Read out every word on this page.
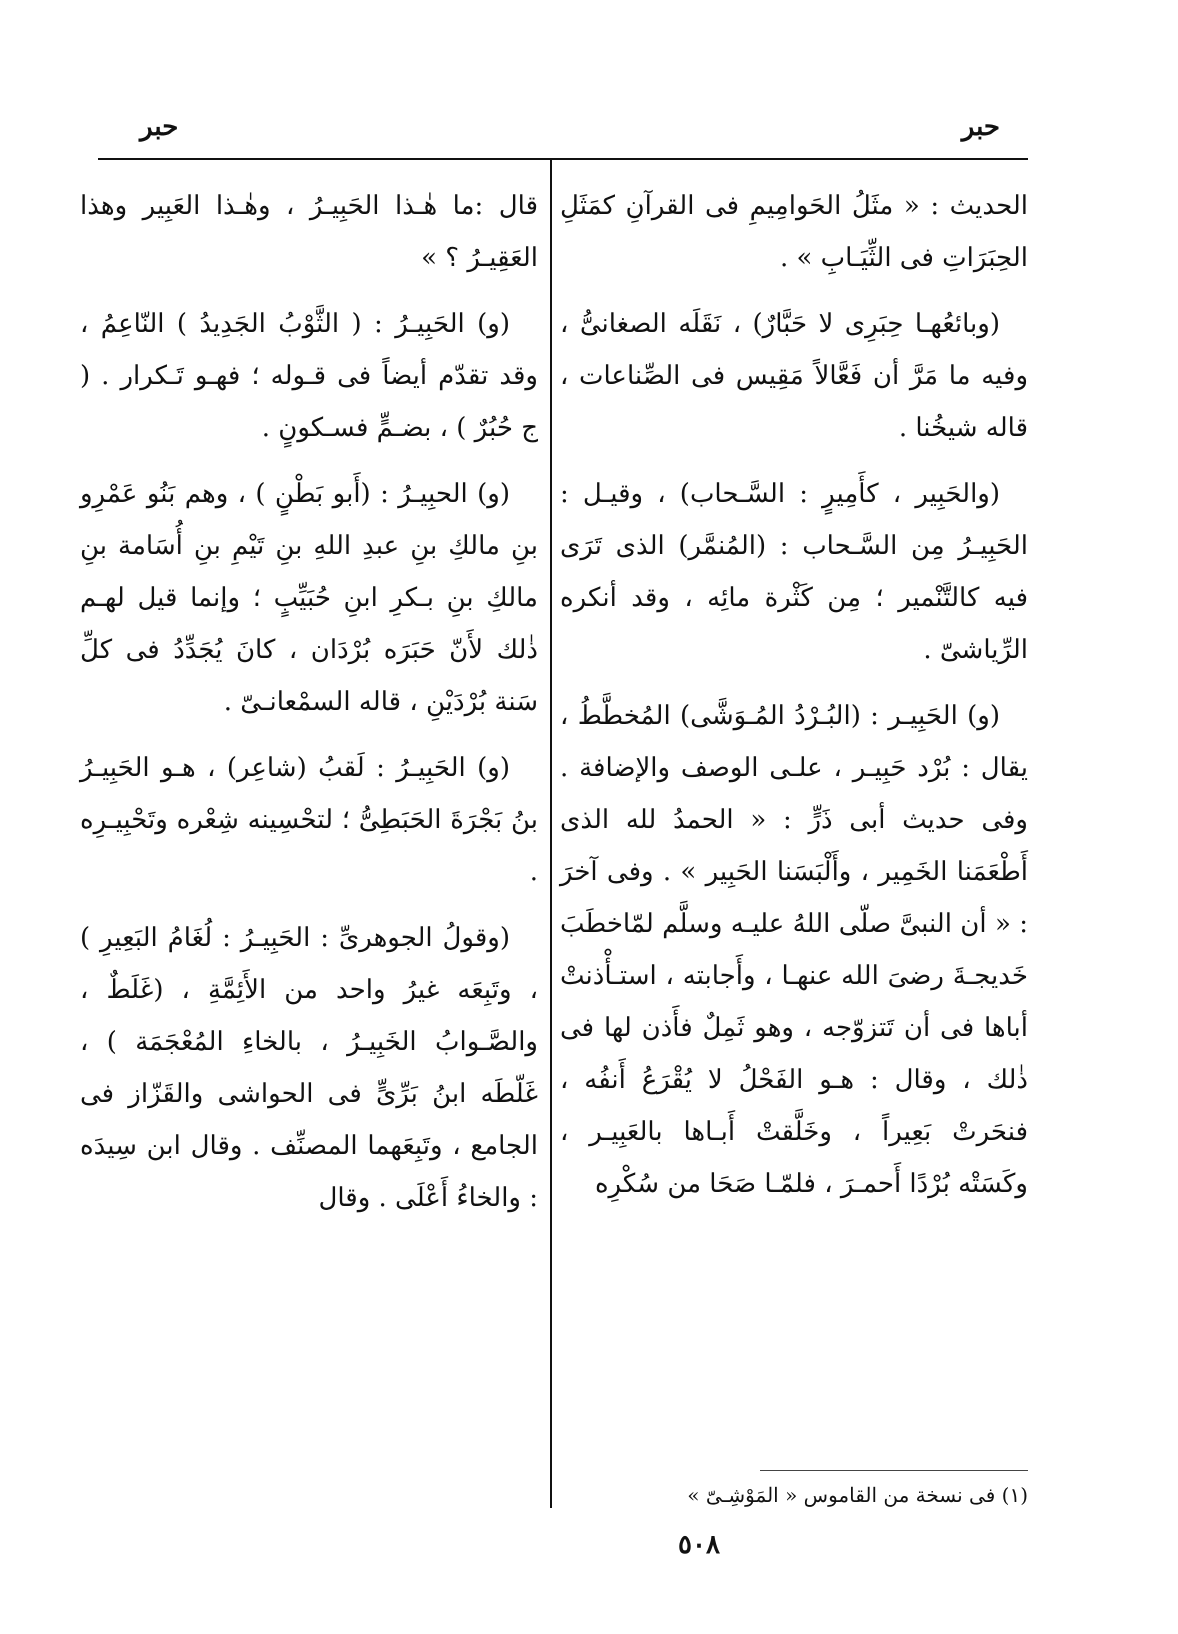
حبر
حبر

الحديث : « مثَلُ الحَوامِيمِ فى القرآنِ كمَثَلِ الحِبَرَاتِ فى الثِّيَـابِ » .

(وبائعُهـا حِبَرِى لا حَبَّارٌ) ، نَقَلَه الصغانىُّ ، وفيه ما مَرَّ أن فَعَّالاً مَقِيس فى الصِّناعات ، قاله شيخُنا .

(والحَبِير ، كأَمِيرٍ : السَّـحاب) ، وقيـل : الحَبِيـرُ مِن السَّـحاب : (المُنمَّر) الذى تَرَى فيه كالتَّنْمير ؛ مِن كَثْرة مائِه ، وقد أنكره الرِّياشىّ .

(و) الحَبِيـر : (البُـرْدُ المُـوَشَّى) المُخطَّطُ ، يقال : بُرْد حَبِيـر ، علـى الوصف والإضافة . وفى حديث أبى ذَرٍّ : « الحمدُ لله الذى أَطْعَمَنا الخَمِير ، وأَلْبَسَنا الحَبِير » . وفى آخرَ : « أن النبىَّ صلّى اللهُ عليـه وسلَّم لمّاخطَبَ خَديجـةَ رضىَ الله عنهـا ، وأَجابته ، استـأْذنتْ أباها فى أن تَتزوّجه ، وهو ثَمِلٌ فأَذن لها فى ذٰلك ، وقال : هـو الفَحْلُ لا يُقْرَعُ أَنفُه ، فنحَرتْ بَعِيراً ، وخَلَّقتْ أَبـاها بالعَبِيـر ، وكَسَتْه بُرْدًا أَحمـرَ ، فلمّـا صَحَا من سُكْرِه

قال :ما هٰـذا الحَبِيـرُ ، وهٰـذا العَبِير وهذا العَقِيـرُ ؟ »

(و) الحَبِيـرُ : ( الثَّوْبُ الجَدِيدُ ) النّاعِمُ ، وقد تقدّم أيضاً فى قـوله ؛ فهـو تَـكرار . ( ج حُبُرٌ ) ، بضـمٍّ فسـكونٍ .

(و) الحبِيـرُ : (أَبو بَطْنٍ ) ، وهم بَنُو عَمْرِو بنِ مالكِ بنِ عبدِ اللهِ بنِ تَيْمِ بنِ أُسَامة بنِ مالكِ بنِ بـكرِ ابنِ حُبَيِّبٍ ؛ وإنما قيل لهـم ذٰلك لأَنّ حَبَرَه بُرْدَان ، كانَ يُجَدِّدُ فى كلِّ سَنة بُرْدَيْنِ ، قاله السمْعانـىّ .

(و) الحَبِيـرُ : لَقبُ (شاعِر) ، هـو الحَبِيـرُ بنُ بَجْرَةَ الحَبَطِىُّ ؛ لتحْسِينه شِعْره وتَحْبِيـرِه .

(وقولُ الجوهرىِّ : الحَبِيـرُ : لُغَامُ البَعِيرِ ) ، وتَبِعَه غيرُ واحد من الأَئِمَّةِ ، (غَلَطٌ ، والصَّـوابُ الخَبِيـرُ ، بالخاءِ المُعْجَمَة ) ، غَلّطَه ابنُ بَرِّىٍّ فى الحواشى والقَزّاز فى الجامع ، وتَبِعَهما المصنِّف . وقال ابن سِيدَه : والخاءُ أَعْلَى . وقال

(١) فى نسخة من القاموس « المَوْشِـىّ »
٥٠٨
